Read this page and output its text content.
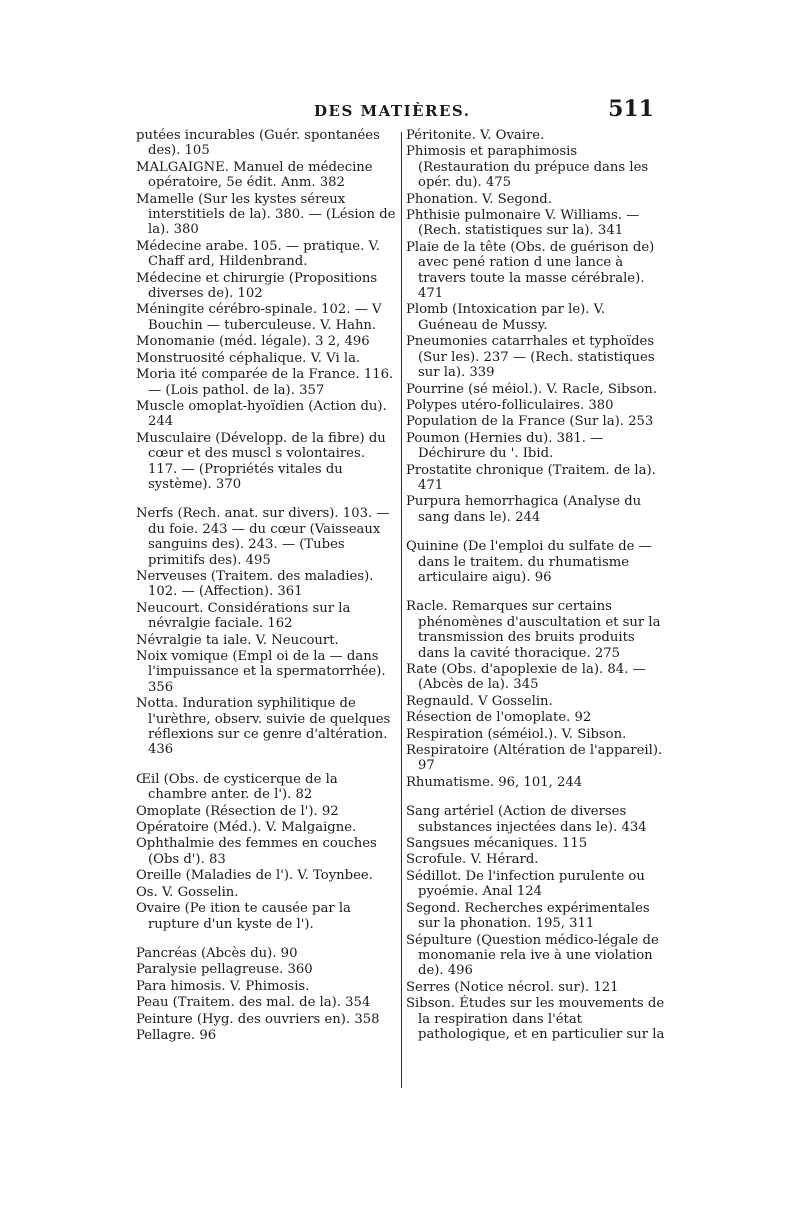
DES MATIÈRES.	511

putées incurables (Guér. spontanées des). 105

MALGAIGNE. Manuel de médecine opératoire, 5e édit. Anm. 382

Mamelle (Sur les kystes séreux interstitiels de la). 380. — (Lésion de la). 380

Médecine arabe. 105. — pratique. V. Chaff ard, Hildenbrand.

Médecine et chirurgie (Propositions diverses de). 102

Méningite cérébro-spinale. 102. — V Bouchin — tuberculeuse. V. Hahn.

Monomanie (méd. légale). 3 2, 496

Monstruosité céphalique. V. Vi la.

Moria ité comparée de la France. 116. — (Lois pathol. de la). 357

Muscle omoplat-hyoïdien (Action du). 244

Musculaire (Développ. de la fibre) du cœur et des muscl s volontaires. 117. — (Propriétés vitales du système). 370

Nerfs (Rech. anat. sur divers). 103. — du foie. 243 — du cœur (Vaisseaux sanguins des). 243. — (Tubes primitifs des). 495

Nerveuses (Traitem. des maladies). 102. — (Affection). 361

Neucourt. Considérations sur la névralgie faciale. 162

Névralgie ta iale. V. Neucourt.

Noix vomique (Empl oi de la — dans l'impuissance et la spermatorrhée). 356

Notta. Induration syphilitique de l'urèthre, observ. suivie de quelques réflexions sur ce genre d'altération. 436

Œil (Obs. de cysticerque de la chambre anter. de l'). 82

Omoplate (Résection de l'). 92

Opératoire (Méd.). V. Malgaigne.

Ophthalmie des femmes en couches (Obs d'). 83

Oreille (Maladies de l'). V. Toynbee.

Os. V. Gosselin.

Ovaire (Pe ition te causée par la rupture d'un kyste de l').

Pancréas (Abcès du). 90

Paralysie pellagreuse. 360

Para himosis. V. Phimosis.

Peau (Traitem. des mal. de la). 354

Peinture (Hyg. des ouvriers en). 358

Pellagre. 96

Péritonite. V. Ovaire.

Phimosis et paraphimosis (Restauration du prépuce dans les opér. du). 475

Phonation. V. Segond.

Phthisie pulmonaire V. Williams. — (Rech. statistiques sur la). 341

Plaie de la tête (Obs. de guérison de) avec pené ration d une lance à travers toute la masse cérébrale). 471

Plomb (Intoxication par le). V. Guéneau de Mussy.

Pneumonies catarrhales et typhoïdes (Sur les). 237 — (Rech. statistiques sur la). 339

Pourrine (sé méiol.). V. Racle, Sibson.

Polypes utéro-folliculaires. 380

Population de la France (Sur la). 253

Poumon (Hernies du). 381. — Déchirure du '. Ibid.

Prostatite chronique (Traitem. de la). 471

Purpura hemorrhagica (Analyse du sang dans le). 244

Quinine (De l'emploi du sulfate de — dans le traitem. du rhumatisme articulaire aigu). 96

Racle. Remarques sur certains phénomènes d'auscultation et sur la transmission des bruits produits dans la cavité thoracique. 275

Rate (Obs. d'apoplexie de la). 84. — (Abcès de la). 345

Regnauld. V Gosselin.

Résection de l'omoplate. 92

Respiration (séméiol.). V. Sibson.

Respiratoire (Altération de l'appareil). 97

Rhumatisme. 96, 101, 244

Sang artériel (Action de diverses substances injectées dans le). 434

Sangsues mécaniques. 115

Scrofule. V. Hérard.

Sédillot. De l'infection purulente ou pyoémie. Anal 124

Segond. Recherches expérimentales sur la phonation. 195, 311

Sépulture (Question médico-légale de monomanie rela ive à une violation de). 496

Serres (Notice nécrol. sur). 121

Sibson. Études sur les mouvements de la respiration dans l'état pathologique, et en particulier sur la
